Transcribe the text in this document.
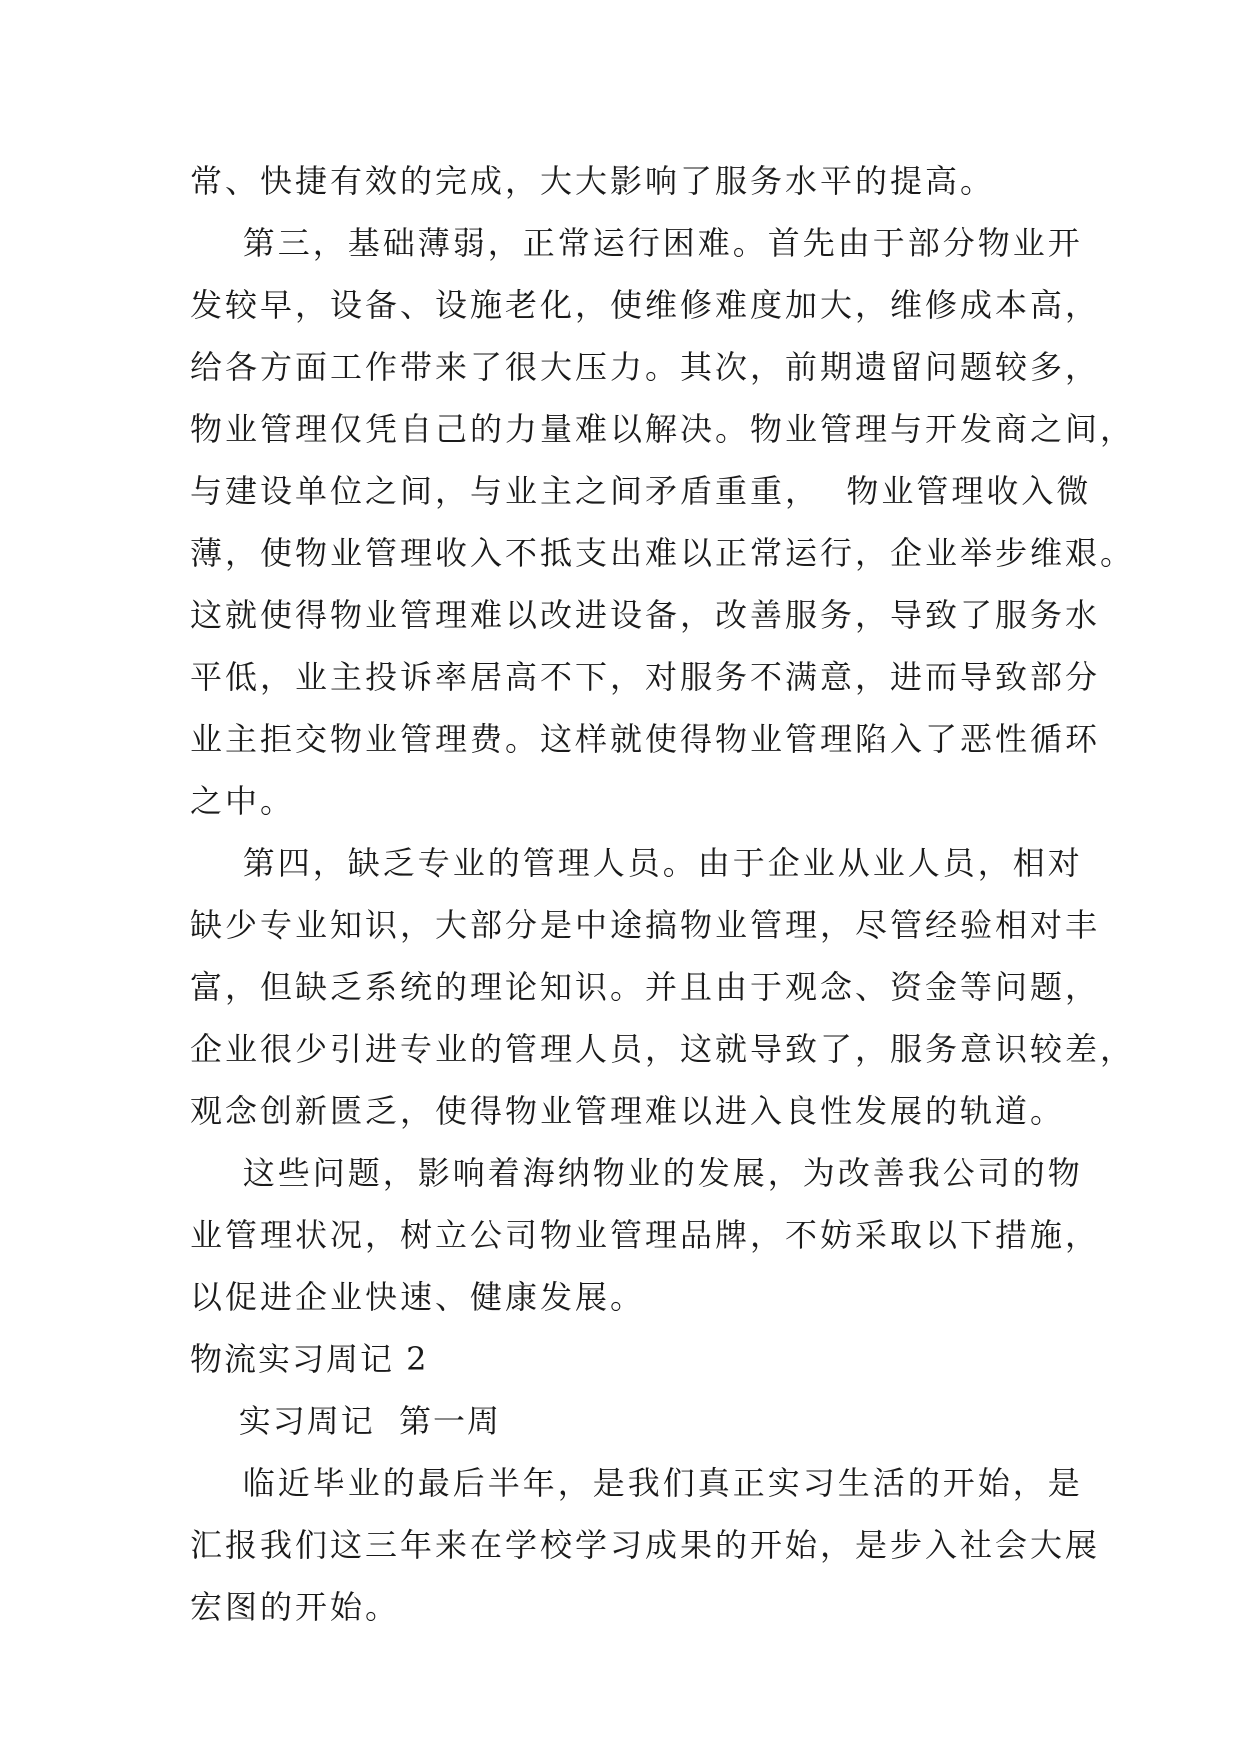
常、快捷有效的完成，大大影响了服务水平的提高。
第三，基础薄弱，正常运行困难。首先由于部分物业开
发较早，设备、设施老化，使维修难度加大，维修成本高，
给各方面工作带来了很大压力。其次，前期遗留问题较多，
物业管理仅凭自己的力量难以解决。物业管理与开发商之间，
与建设单位之间，与业主之间矛盾重重，  物业管理收入微
薄，使物业管理收入不抵支出难以正常运行，企业举步维艰。
这就使得物业管理难以改进设备，改善服务，导致了服务水
平低，业主投诉率居高不下，对服务不满意，进而导致部分
业主拒交物业管理费。这样就使得物业管理陷入了恶性循环
之中。
第四，缺乏专业的管理人员。由于企业从业人员，相对
缺少专业知识，大部分是中途搞物业管理，尽管经验相对丰
富，但缺乏系统的理论知识。并且由于观念、资金等问题，
企业很少引进专业的管理人员，这就导致了，服务意识较差，
观念创新匮乏，使得物业管理难以进入良性发展的轨道。
这些问题，影响着海纳物业的发展，为改善我公司的物
业管理状况，树立公司物业管理品牌，不妨采取以下措施，
以促进企业快速、健康发展。
物流实习周记 2
实习周记  第一周
临近毕业的最后半年，是我们真正实习生活的开始，是
汇报我们这三年来在学校学习成果的开始，是步入社会大展
宏图的开始。
